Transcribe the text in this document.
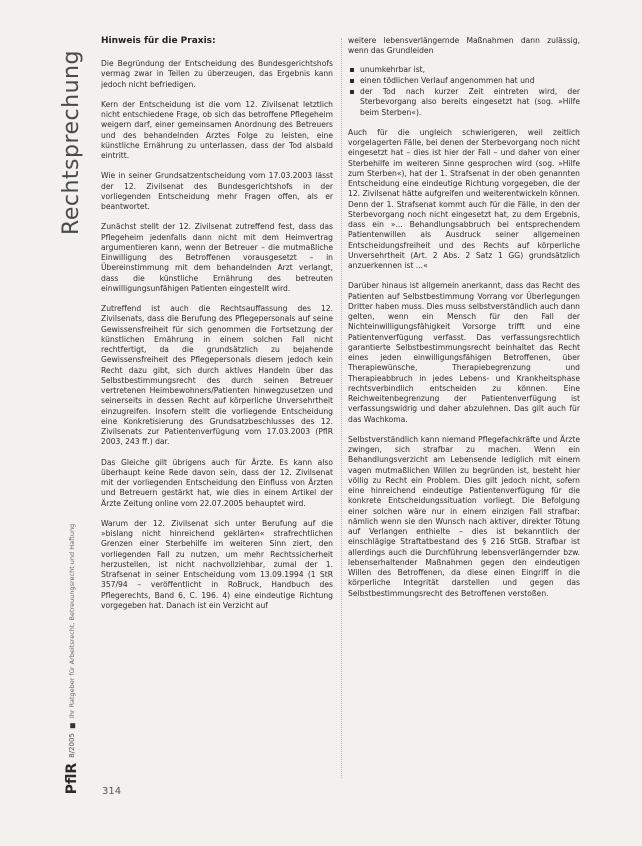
Rechtsprechung
PflR
8/2005
Ihr Ratgeber für Arbeitsrecht, Betreuungsrecht und Haftung
Hinweis für die Praxis:

Die Begründung der Entscheidung des Bundesgerichtshofs vermag zwar in Teilen zu überzeugen, das Ergebnis kann jedoch nicht befriedigen.

Kern der Entscheidung ist die vom 12. Zivilsenat letztlich nicht entschiedene Frage, ob sich das betroffene Pflegeheim weigern darf, einer gemeinsamen Anordnung des Betreuers und des behandelnden Arztes Folge zu leisten, eine künstliche Ernährung zu unterlassen, dass der Tod alsbald eintritt.

Wie in seiner Grundsatzentscheidung vom 17.03.2003 lässt der 12. Zivilsenat des Bundesgerichtshofs in der vorliegenden Entscheidung mehr Fragen offen, als er beantwortet.

Zunächst stellt der 12. Zivilsenat zutreffend fest, dass das Pflegeheim jedenfalls dann nicht mit dem Heimvertrag argumentieren kann, wenn der Betreuer – die mutmaßliche Einwilligung des Betroffenen vorausgesetzt – in Übereinstimmung mit dem behandelnden Arzt verlangt, dass die künstliche Ernährung des betreuten einwilligungsunfähigen Patienten eingestellt wird.

Zutreffend ist auch die Rechtsauffassung des 12. Zivilsenats, dass die Berufung des Pflegepersonals auf seine Gewissensfreiheit für sich genommen die Fortsetzung der künstlichen Ernährung in einem solchen Fall nicht rechtfertigt, da die grundsätzlich zu bejahende Gewissensfreiheit des Pflegepersonals diesem jedoch kein Recht dazu gibt, sich durch aktives Handeln über das Selbstbestimmungsrecht des durch seinen Betreuer vertretenen Heimbewohners/Patienten hinwegzusetzen und seinerseits in dessen Recht auf körperliche Unversehrtheit einzugreifen. Insofern stellt die vorliegende Entscheidung eine Konkretisierung des Grundsatzbeschlusses des 12. Zivilsenats zur Patientenverfügung vom 17.03.2003 (PflR 2003, 243 ff.) dar.

Das Gleiche gilt übrigens auch für Ärzte. Es kann also überhaupt keine Rede davon sein, dass der 12. Zivilsenat mit der vorliegenden Entscheidung den Einfluss von Ärzten und Betreuern gestärkt hat, wie dies in einem Artikel der Ärzte Zeitung online vom 22.07.2005 behauptet wird.

Warum der 12. Zivilsenat sich unter Berufung auf die »bislang nicht hinreichend geklärten« strafrechtlichen Grenzen einer Sterbehilfe im weiteren Sinn ziert, den vorliegenden Fall zu nutzen, um mehr Rechtssicherheit herzustellen, ist nicht nachvollziehbar, zumal der 1. Strafsenat in seiner Entscheidung vom 13.09.1994 (1 StR 357/94 – veröffentlicht in RoBruck, Handbuch des Pflegerechts, Band 6, C. 196. 4) eine eindeutige Richtung vorgegeben hat. Danach ist ein Verzicht auf

weitere lebensverlängernde Maßnahmen dann zulässig, wenn das Grundleiden

unumkehrbar ist,
einen tödlichen Verlauf angenommen hat und
der Tod nach kurzer Zeit eintreten wird, der Sterbevorgang also bereits eingesetzt hat (sog. »Hilfe beim Sterben«).

Auch für die ungleich schwierigeren, weil zeitlich vorgelagerten Fälle, bei denen der Sterbevorgang noch nicht eingesetzt hat – dies ist hier der Fall – und daher von einer Sterbehilfe im weiteren Sinne gesprochen wird (sog. »Hilfe zum Sterben«), hat der 1. Strafsenat in der oben genannten Entscheidung eine eindeutige Richtung vorgegeben, die der 12. Zivilsenat hätte aufgreifen und weiterentwickeln können. Denn der 1. Strafsenat kommt auch für die Fälle, in den der Sterbevorgang noch nicht eingesetzt hat, zu dem Ergebnis, dass ein »... Behandlungsabbruch bei entsprechendem Patientenwillen als Ausdruck seiner allgemeinen Entscheidungsfreiheit und des Rechts auf körperliche Unversehrtheit (Art. 2 Abs. 2 Satz 1 GG) grundsätzlich anzuerkennen ist ...«

Darüber hinaus ist allgemein anerkannt, dass das Recht des Patienten auf Selbstbestimmung Vorrang vor Überlegungen Dritter haben muss. Dies muss selbstverständlich auch dann gelten, wenn ein Mensch für den Fall der Nichteinwilligungsfähigkeit Vorsorge trifft und eine Patientenverfügung verfasst. Das verfassungsrechtlich garantierte Selbstbestimmungsrecht beinhaltet das Recht eines jeden einwilligungsfähigen Betroffenen, über Therapiewünsche, Therapiebegrenzung und Therapieabbruch in jedes Lebens- und Krankheitsphase rechtsverbindlich entscheiden zu können. Eine Reichweitenbegrenzung der Patientenverfügung ist verfassungswidrig und daher abzulehnen. Das gilt auch für das Wachkoma.

Selbstverständlich kann niemand Pflegefachkräfte und Ärzte zwingen, sich strafbar zu machen. Wenn ein Behandlungsverzicht am Lebensende lediglich mit einem vagen mutmaßlichen Willen zu begründen ist, besteht hier völlig zu Recht ein Problem. Dies gilt jedoch nicht, sofern eine hinreichend eindeutige Patientenverfügung für die konkrete Entscheidungssituation vorliegt. Die Befolgung einer solchen wäre nur in einem einzigen Fall strafbar: nämlich wenn sie den Wunsch nach aktiver, direkter Tötung auf Verlangen enthielte – dies ist bekanntlich der einschlägige Straftatbestand des § 216 StGB. Strafbar ist allerdings auch die Durchführung lebensverlängernder bzw. lebenserhaltender Maßnahmen gegen den eindeutigen Willen des Betroffenen, da diese einen Eingriff in die körperliche Integrität darstellen und gegen das Selbstbestimmungsrecht des Betroffenen verstoßen.

314
